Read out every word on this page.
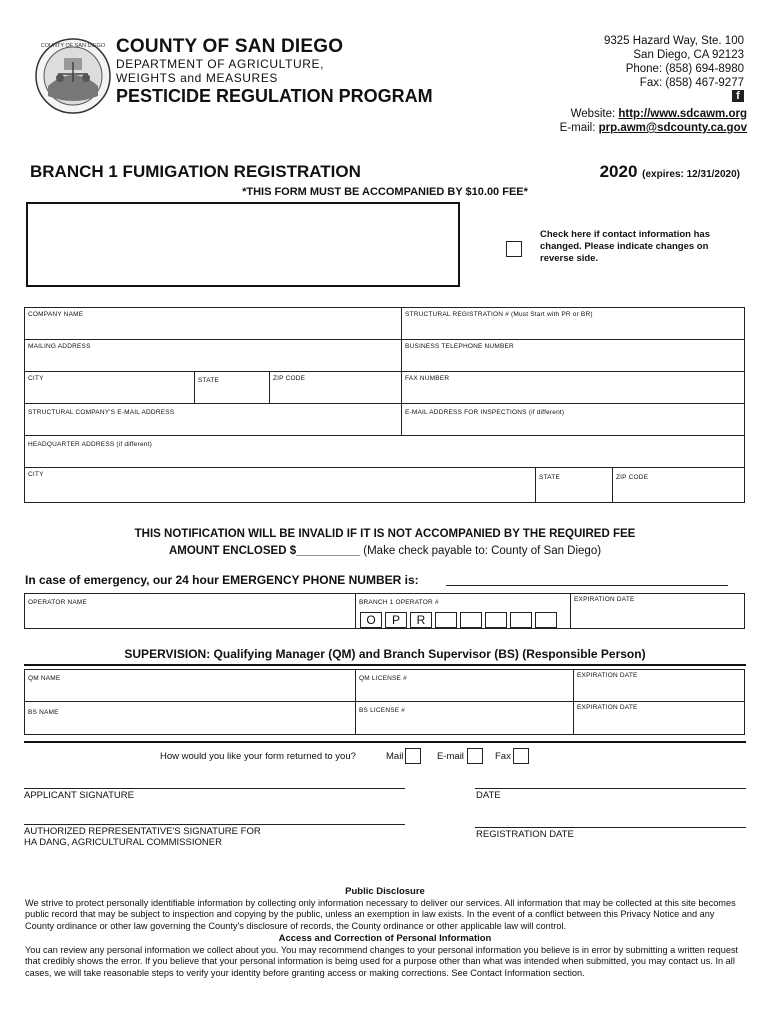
COUNTY OF SAN DIEGO COUNTY OF SAN DIEGO
DEPARTMENT OF AGRICULTURE,
WEIGHTS and MEASURES
PESTICIDE REGULATION PROGRAM
9325 Hazard Way, Ste. 100
San Diego, CA 92123
Phone: (858) 694-8980
Fax: (858) 467-9277
f
Website: http://www.sdcawm.org
E-mail: prp.awm@sdcounty.ca.gov
BRANCH 1 FUMIGATION REGISTRATION	2020 (expires: 12/31/2020)
*THIS FORM MUST BE ACCOMPANIED BY $10.00 FEE*
Check here if contact information has changed. Please indicate changes on reverse side.
COMPANY NAME	STRUCTURAL REGISTRATION # (Must Start with PR or BR)
MAILING ADDRESS	BUSINESS TELEPHONE NUMBER
CITY	STATE	ZIP CODE	FAX NUMBER
STRUCTURAL COMPANY'S E-MAIL ADDRESS	E-MAIL ADDRESS FOR INSPECTIONS (if different)
HEADQUARTER ADDRESS (if different)
CITY	STATE	ZIP CODE
THIS NOTIFICATION WILL BE INVALID IF IT IS NOT ACCOMPANIED BY THE REQUIRED FEE
AMOUNT ENCLOSED $__________ (Make check payable to: County of San Diego)
In case of emergency, our 24 hour EMERGENCY PHONE NUMBER is:
OPERATOR NAME	BRANCH 1 OPERATOR #	EXPIRATION DATE
O	P	R
SUPERVISION: Qualifying Manager (QM) and Branch Supervisor (BS) (Responsible Person)
QM NAME	QM LICENSE #	EXPIRATION DATE
BS NAME	BS LICENSE #	EXPIRATION DATE
How would you like your form returned to you?	Mail	E-mail	Fax
APPLICANT SIGNATURE	DATE
AUTHORIZED REPRESENTATIVE'S SIGNATURE FOR
HA DANG, AGRICULTURAL COMMISSIONER
REGISTRATION DATE
Public Disclosure
We strive to protect personally identifiable information by collecting only information necessary to deliver our services. All information that may be collected at this site becomes public record that may be subject to inspection and copying by the public, unless an exemption in law exists. In the event of a conflict between this Privacy Notice and any County ordinance or other law governing the County's disclosure of records, the County ordinance or other applicable law will control.
Access and Correction of Personal Information
You can review any personal information we collect about you. You may recommend changes to your personal information you believe is in error by submitting a written request that credibly shows the error. If you believe that your personal information is being used for a purpose other than what was intended when submitted, you may contact us. In all cases, we will take reasonable steps to verify your identity before granting access or making corrections. See Contact Information section.
